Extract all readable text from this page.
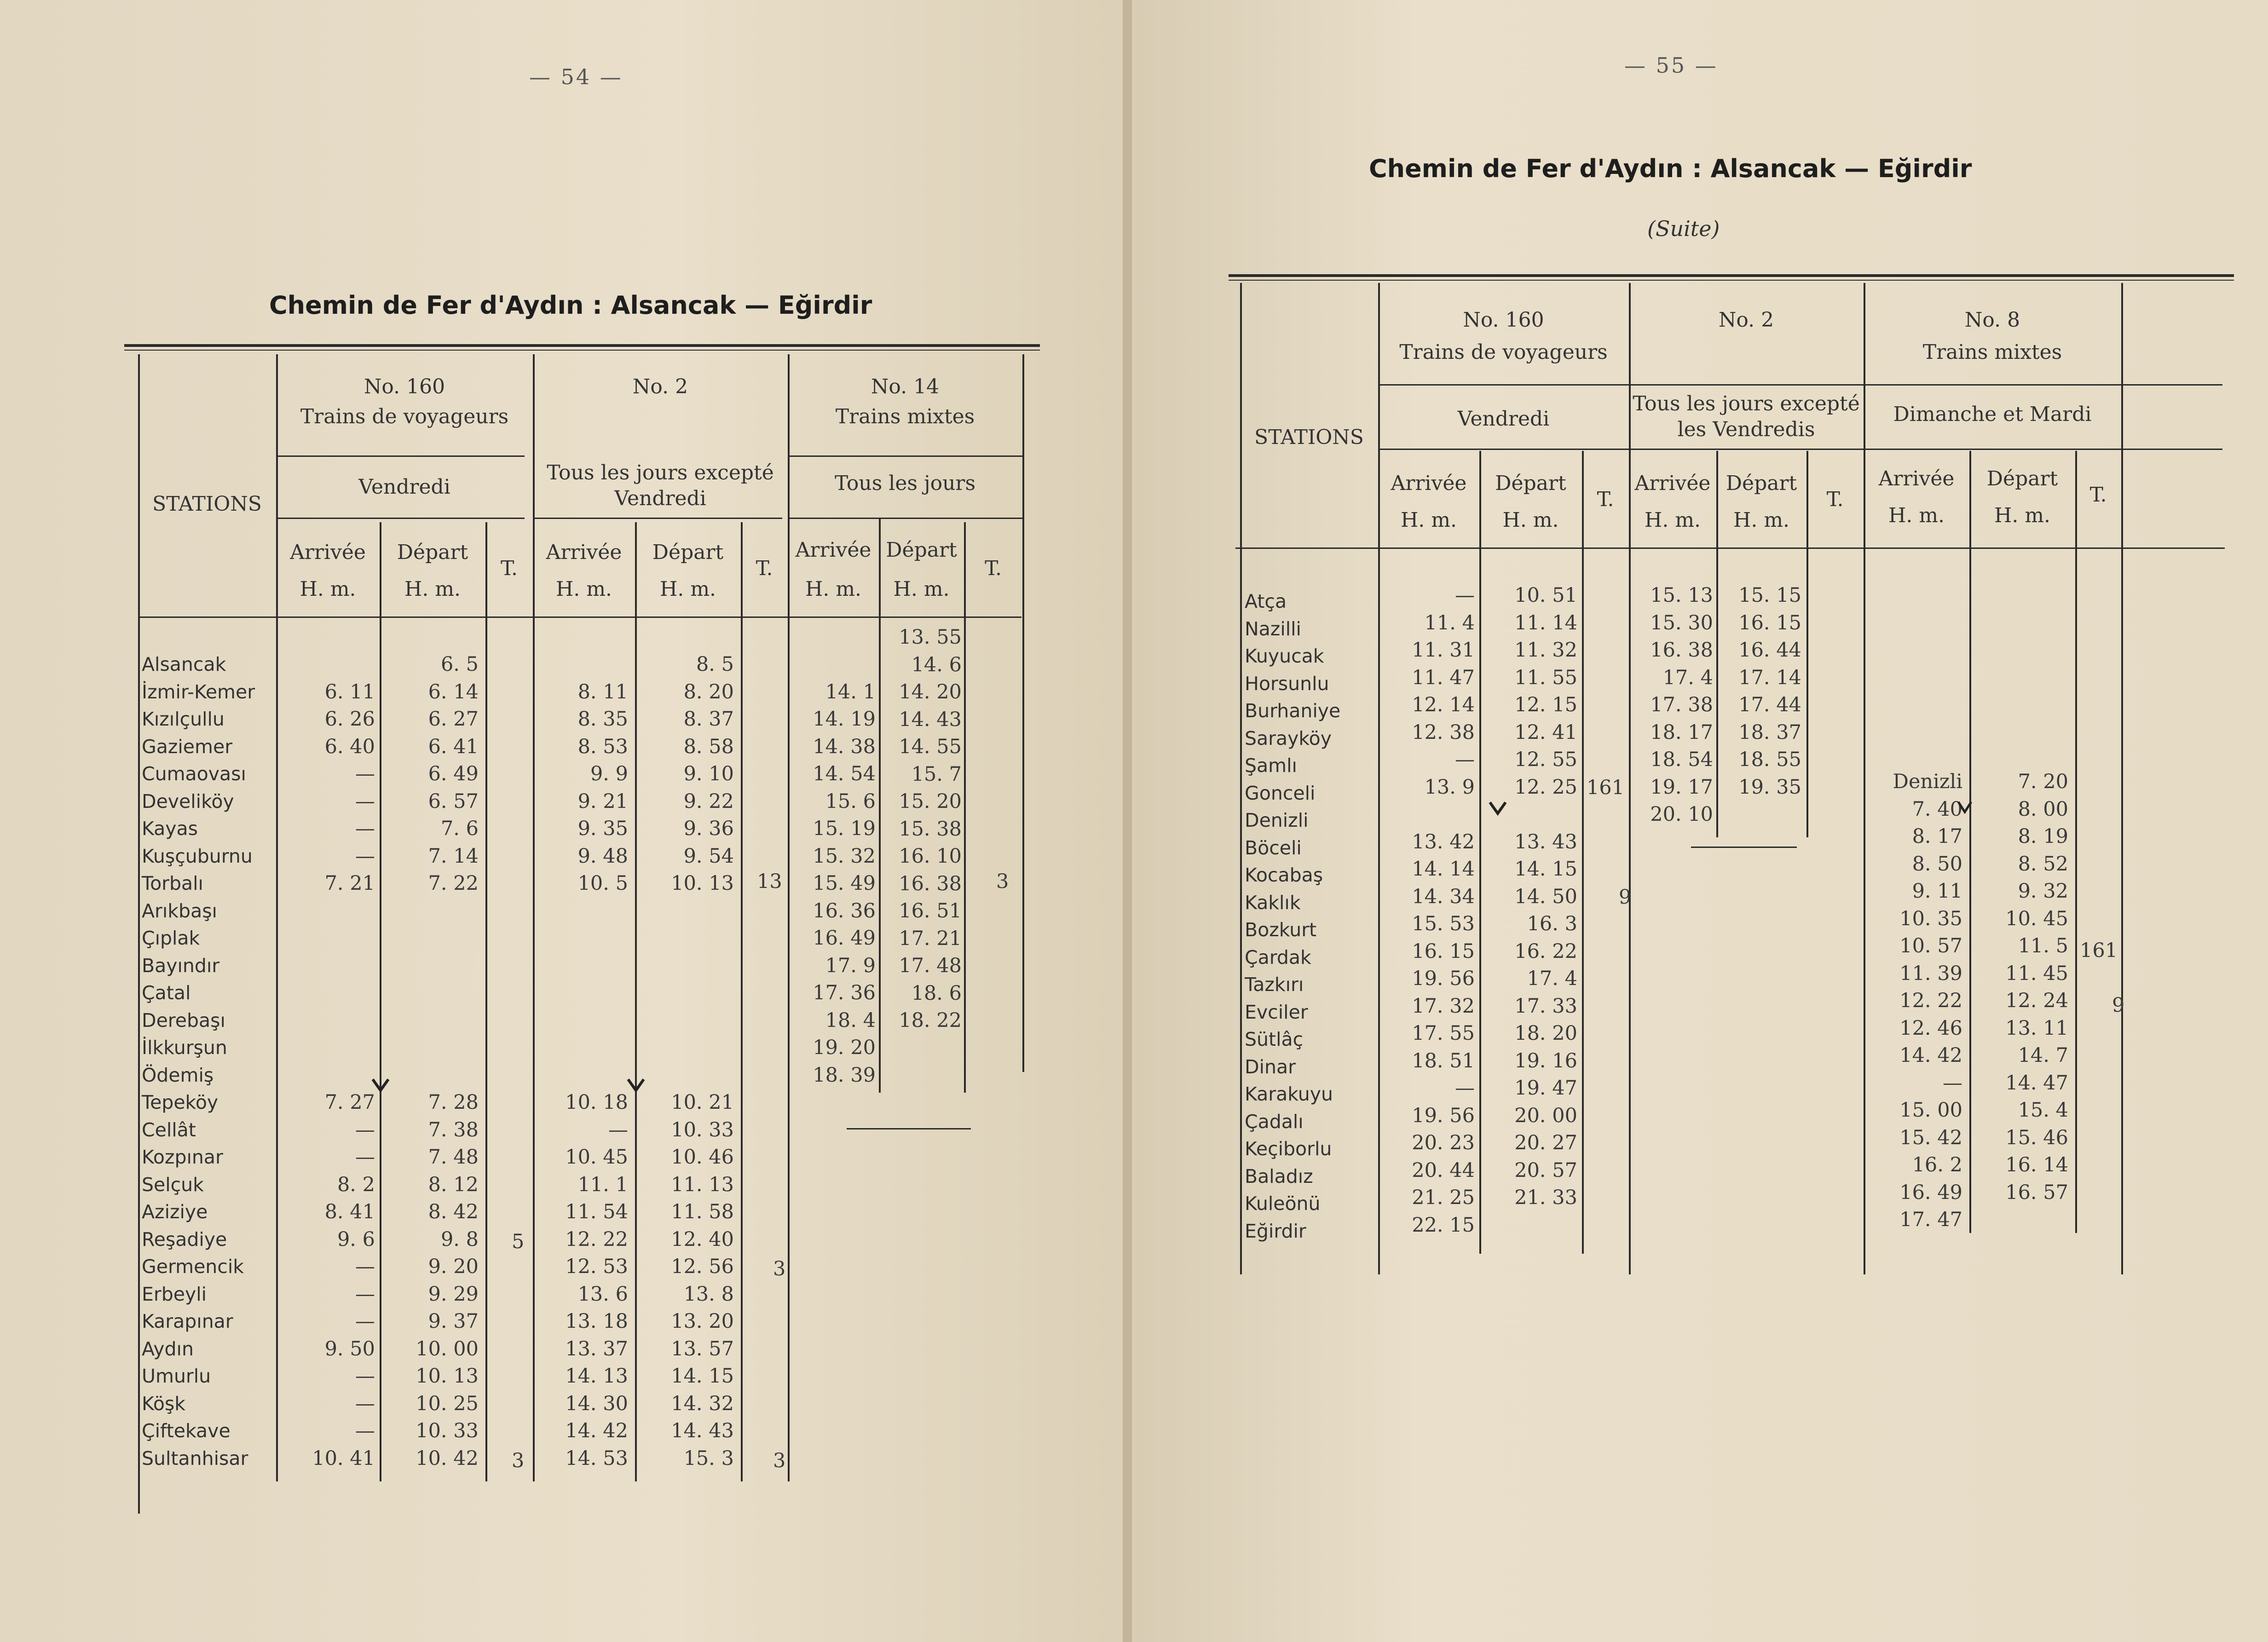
— 54 —
Chemin de Fer d'Aydın : Alsancak — Eğirdir
STATIONS
No. 160
Trains de voyageurs
Vendredi
No. 2
Tous les jours excepté Vendredi
No. 14
Trains mixtes
Tous les jours
Arrivée
H. m.
Départ
H. m.
T.
Arrivée
H. m.
Départ
H. m.
T.
Arrivée
H. m.
Départ
H. m.
T.
Alsancak
İzmir-Kemer
Kızılçullu
Gaziemer
Cumaovası
Develiköy
Kayas
Kuşçuburnu
Torbalı
Arıkbaşı
Çıplak
Bayındır
Çatal
Derebaşı
İlkkurşun
Ödemiş
Tepeköy
Cellât
Kozpınar
Selçuk
Aziziye
Reşadiye
Germencik
Erbeyli
Karapınar
Aydın
Umurlu
Köşk
Çiftekave
Sultanhisar

6. 11
6. 26
6. 40
—
—
—
—
7. 21

7. 27
—
—
8. 2
8. 41
9. 6
—
—
—
9. 50
—
—
—
10. 41
6. 5
6. 14
6. 27
6. 41
6. 49
6. 57
7. 6
7. 14
7. 22

7. 28
7. 38
7. 48
8. 12
8. 42
9. 8
9. 20
9. 29
9. 37
10. 00
10. 13
10. 25
10. 33
10. 42
5
3

8. 11
8. 35
8. 53
9. 9
9. 21
9. 35
9. 48
10. 5

10. 18
—
10. 45
11. 1
11. 54
12. 22
12. 53
13. 6
13. 18
13. 37
14. 13
14. 30
14. 42
14. 53
8. 5
8. 20
8. 37
8. 58
9. 10
9. 22
9. 36
9. 54
10. 13

10. 21
10. 33
10. 46
11. 13
11. 58
12. 40
12. 56
13. 8
13. 20
13. 57
14. 15
14. 32
14. 43
15. 3
13
3
3

14. 1
14. 19
14. 38
14. 54
15. 6
15. 19
15. 32
15. 49
16. 36
16. 49
17. 9
17. 36
18. 4
19. 20
18. 39
13. 55
14. 6
14. 20
14. 43
14. 55
15. 7
15. 20
15. 38
16. 10
16. 38
16. 51
17. 21
17. 48
18. 6
18. 22
3
— 55 —
Chemin de Fer d'Aydın : Alsancak — Eğirdir
(Suite)
STATIONS
No. 160
Trains de voyageurs
Vendredi
No. 2
Tous les jours excepté les Vendredis
No. 8
Trains mixtes
Dimanche et Mardi
Arrivée
H. m.
Départ
H. m.
T.
Arrivée
H. m.
Départ
H. m.
T.
Arrivée
H. m.
Départ
H. m.
T.
Atça
Nazilli
Kuyucak
Horsunlu
Burhaniye
Sarayköy
Şamlı
Gonceli
Denizli
Böceli
Kocabaş
Kaklık
Bozkurt
Çardak
Tazkırı
Evciler
Sütlâç
Dinar
Karakuyu
Çadalı
Keçiborlu
Baladız
Kuleönü
Eğirdir
—
11. 4
11. 31
11. 47
12. 14
12. 38
—
13. 9

13. 42
14. 14
14. 34
15. 53
16. 15
19. 56
17. 32
17. 55
18. 51
—
19. 56
20. 23
20. 44
21. 25
22. 15
10. 51
11. 14
11. 32
11. 55
12. 15
12. 41
12. 55
12. 25

13. 43
14. 15
14. 50
16. 3
16. 22
17. 4
17. 33
18. 20
19. 16
19. 47
20. 00
20. 27
20. 57
21. 33
161
9
15. 13
15. 30
16. 38
17. 4
17. 38
18. 17
18. 54
19. 17
20. 10
15. 15
16. 15
16. 44
17. 14
17. 44
18. 37
18. 55
19. 35	Denizli
7. 40
8. 17
8. 50
9. 11
10. 35
10. 57
11. 39
12. 22
12. 46
14. 42
—
15. 00
15. 42
16. 2
16. 49
17. 47
7. 20
8. 00
8. 19
8. 52
9. 32
10. 45
11. 5
11. 45
12. 24
13. 11
14. 7
14. 47
15. 4
15. 46
16. 14
16. 57
161
9
